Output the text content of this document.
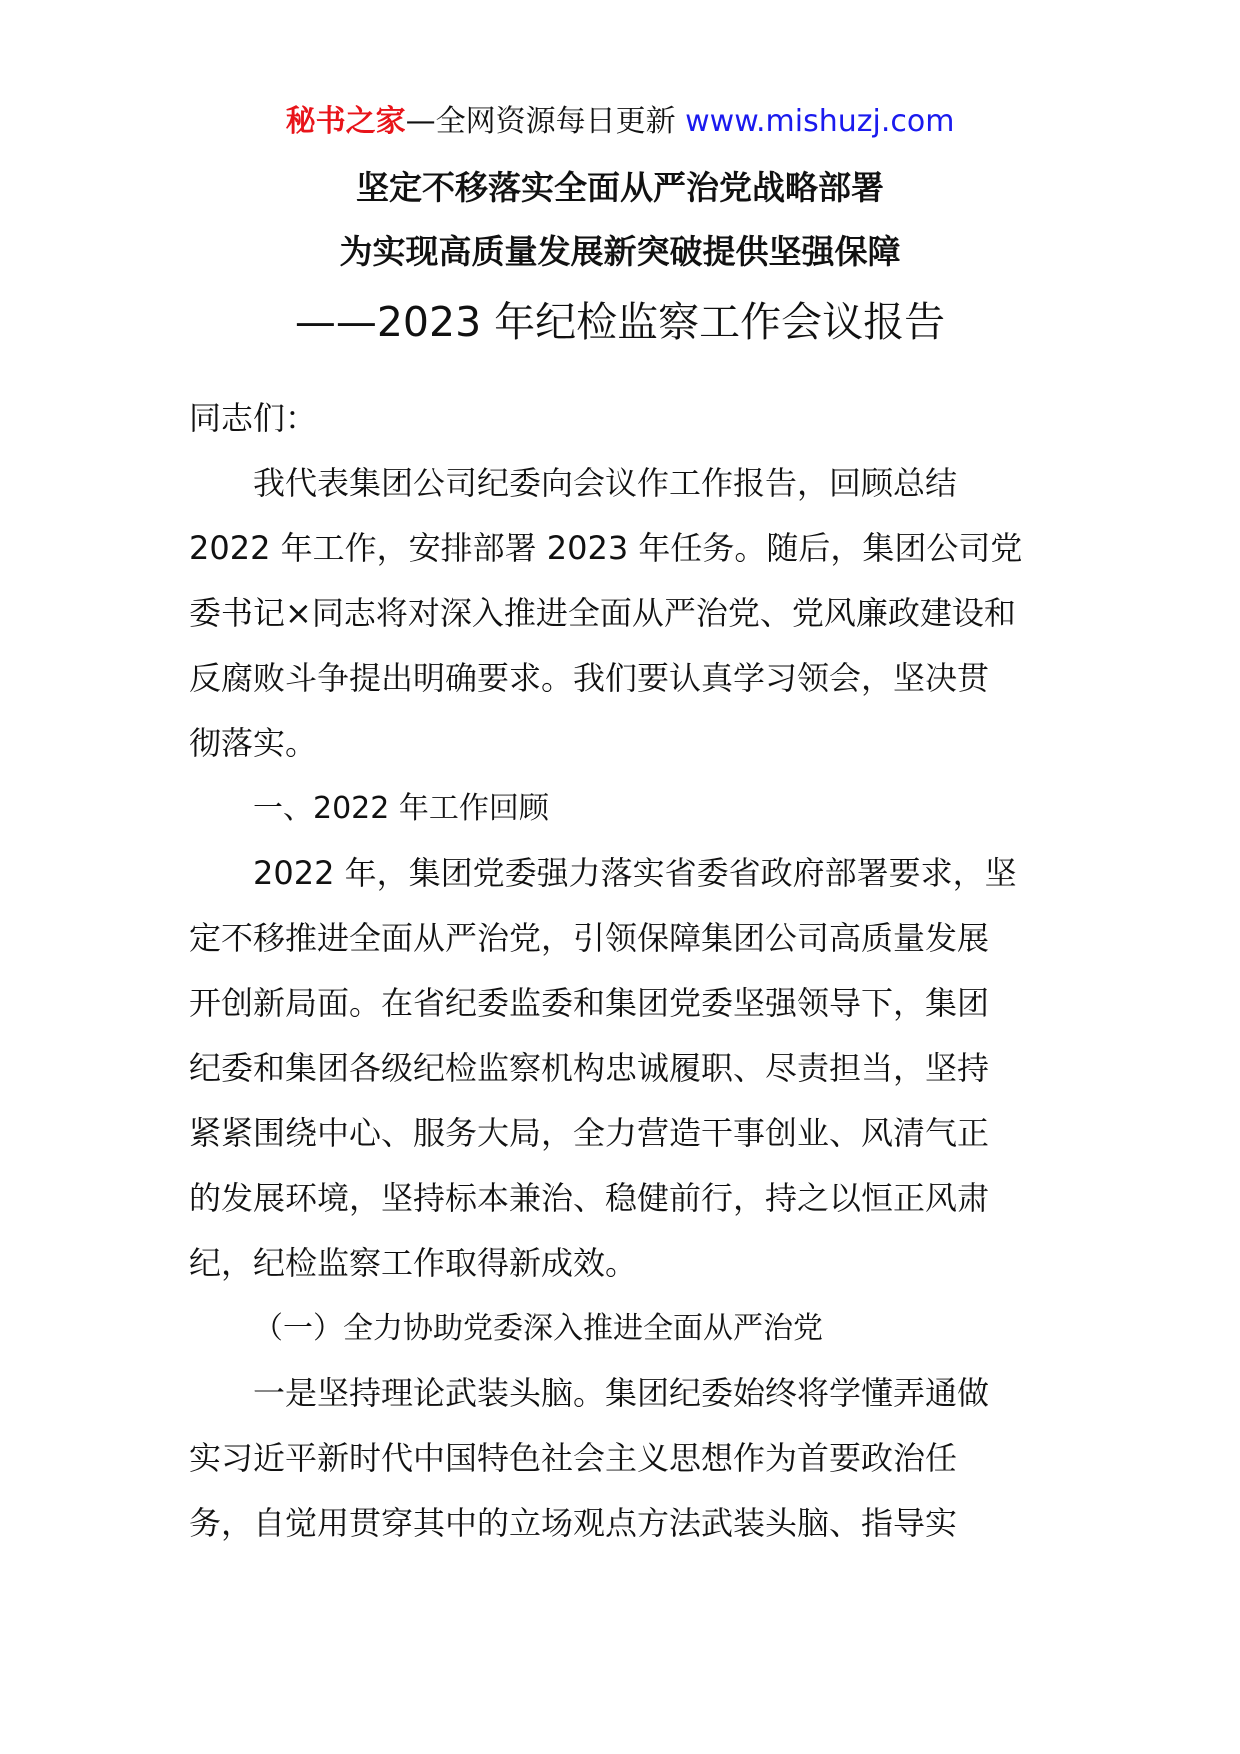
秘书之家—全网资源每日更新 www.mishuzj.com
坚定不移落实全面从严治党战略部署
为实现高质量发展新突破提供坚强保障
——2023 年纪检监察工作会议报告

同志们：

我代表集团公司纪委向会议作工作报告，回顾总结

2022 年工作，安排部署 2023 年任务。随后，集团公司党

委书记×同志将对深入推进全面从严治党、党风廉政建设和

反腐败斗争提出明确要求。我们要认真学习领会，坚决贯

彻落实。

一、2022 年工作回顾

2022 年，集团党委强力落实省委省政府部署要求，坚

定不移推进全面从严治党，引领保障集团公司高质量发展

开创新局面。在省纪委监委和集团党委坚强领导下，集团

纪委和集团各级纪检监察机构忠诚履职、尽责担当，坚持

紧紧围绕中心、服务大局，全力营造干事创业、风清气正

的发展环境，坚持标本兼治、稳健前行，持之以恒正风肃

纪，纪检监察工作取得新成效。

（一）全力协助党委深入推进全面从严治党

一是坚持理论武装头脑。集团纪委始终将学懂弄通做

实习近平新时代中国特色社会主义思想作为首要政治任

务，自觉用贯穿其中的立场观点方法武装头脑、指导实
